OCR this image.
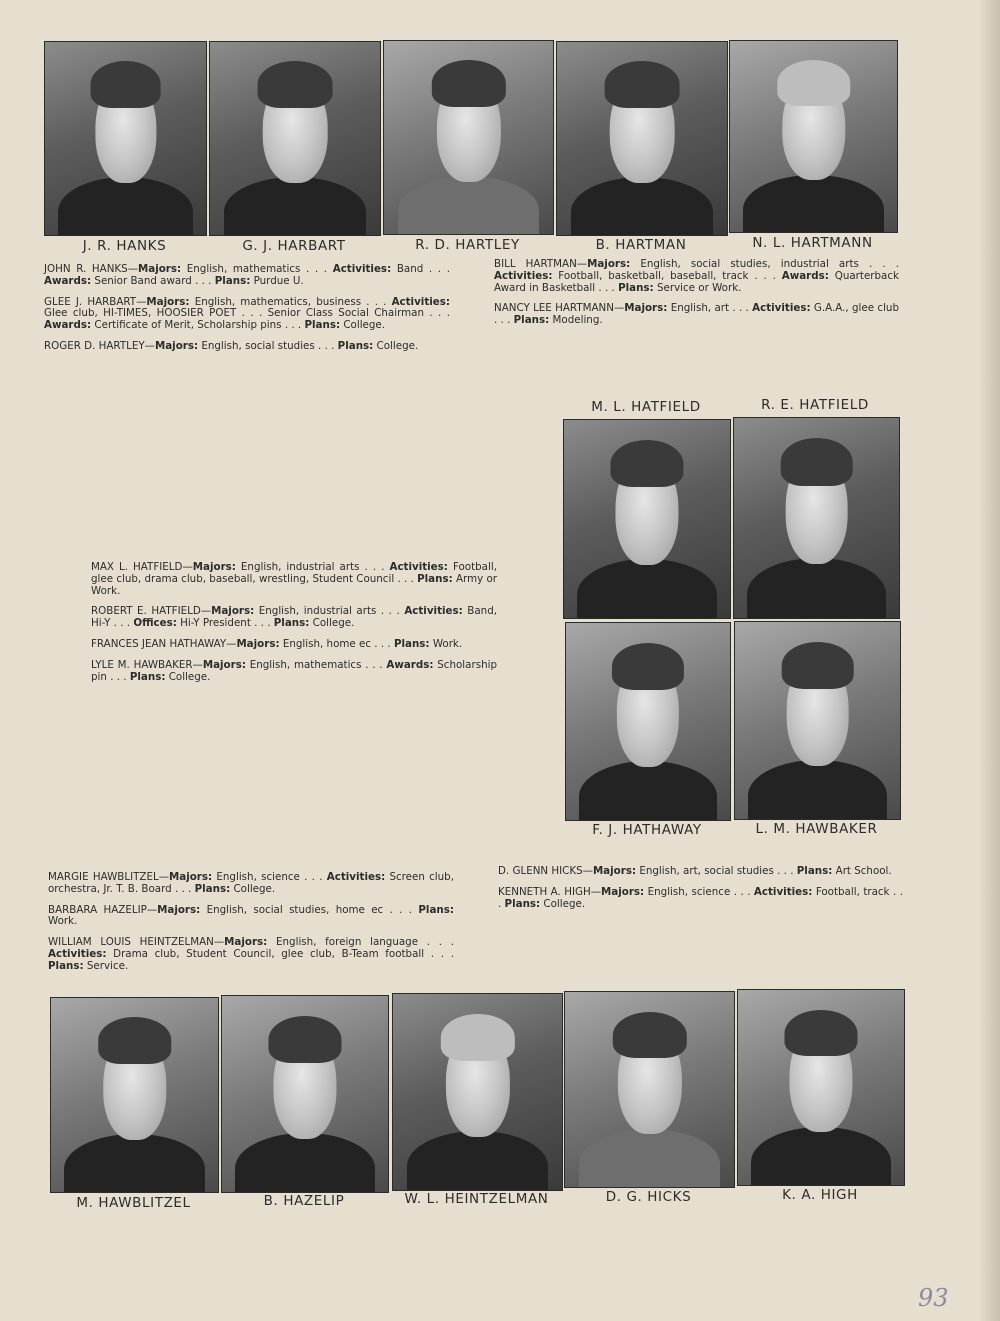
J. R. HANKS	G. J. HARBART	R. D. HARTLEY	B. HARTMAN	N. L. HARTMANN

JOHN R. HANKS—Majors: English, mathematics . . . Activities: Band . . . Awards: Senior Band award . . . Plans: Purdue U.

GLEE J. HARBART—Majors: English, mathematics, business . . . Activities: Glee club, HI-TIMES, HOOSIER POET . . . Senior Class Social Chairman . . . Awards: Certificate of Merit, Scholarship pins . . . Plans: College.

ROGER D. HARTLEY—Majors: English, social studies . . . Plans: College.

BILL HARTMAN—Majors: English, social studies, industrial arts . . . Activities: Football, basketball, baseball, track . . . Awards: Quarterback Award in Basketball . . . Plans: Service or Work.

NANCY LEE HARTMANN—Majors: English, art . . . Activities: G.A.A., glee club . . . Plans: Modeling.

M. L. HATFIELD	R. E. HATFIELD
F. J. HATHAWAY	L. M. HAWBAKER

MAX L. HATFIELD—Majors: English, industrial arts . . . Activities: Football, glee club, drama club, baseball, wrestling, Student Council . . . Plans: Army or Work.

ROBERT E. HATFIELD—Majors: English, industrial arts . . . Activities: Band, Hi-Y . . . Offices: Hi-Y President . . . Plans: College.

FRANCES JEAN HATHAWAY—Majors: English, home ec . . . Plans: Work.

LYLE M. HAWBAKER—Majors: English, mathematics . . . Awards: Scholarship pin . . . Plans: College.

MARGIE HAWBLITZEL—Majors: English, science . . . Activities: Screen club, orchestra, Jr. T. B. Board . . . Plans: College.

BARBARA HAZELIP—Majors: English, social studies, home ec . . . Plans: Work.

WILLIAM LOUIS HEINTZELMAN—Majors: English, foreign language . . . Activities: Drama club, Student Council, glee club, B-Team football . . . Plans: Service.

D. GLENN HICKS—Majors: English, art, social studies . . . Plans: Art School.

KENNETH A. HIGH—Majors: English, science . . . Activities: Football, track . . . Plans: College.

M. HAWBLITZEL	B. HAZELIP	W. L. HEINTZELMAN	D. G. HICKS	K. A. HIGH
93
